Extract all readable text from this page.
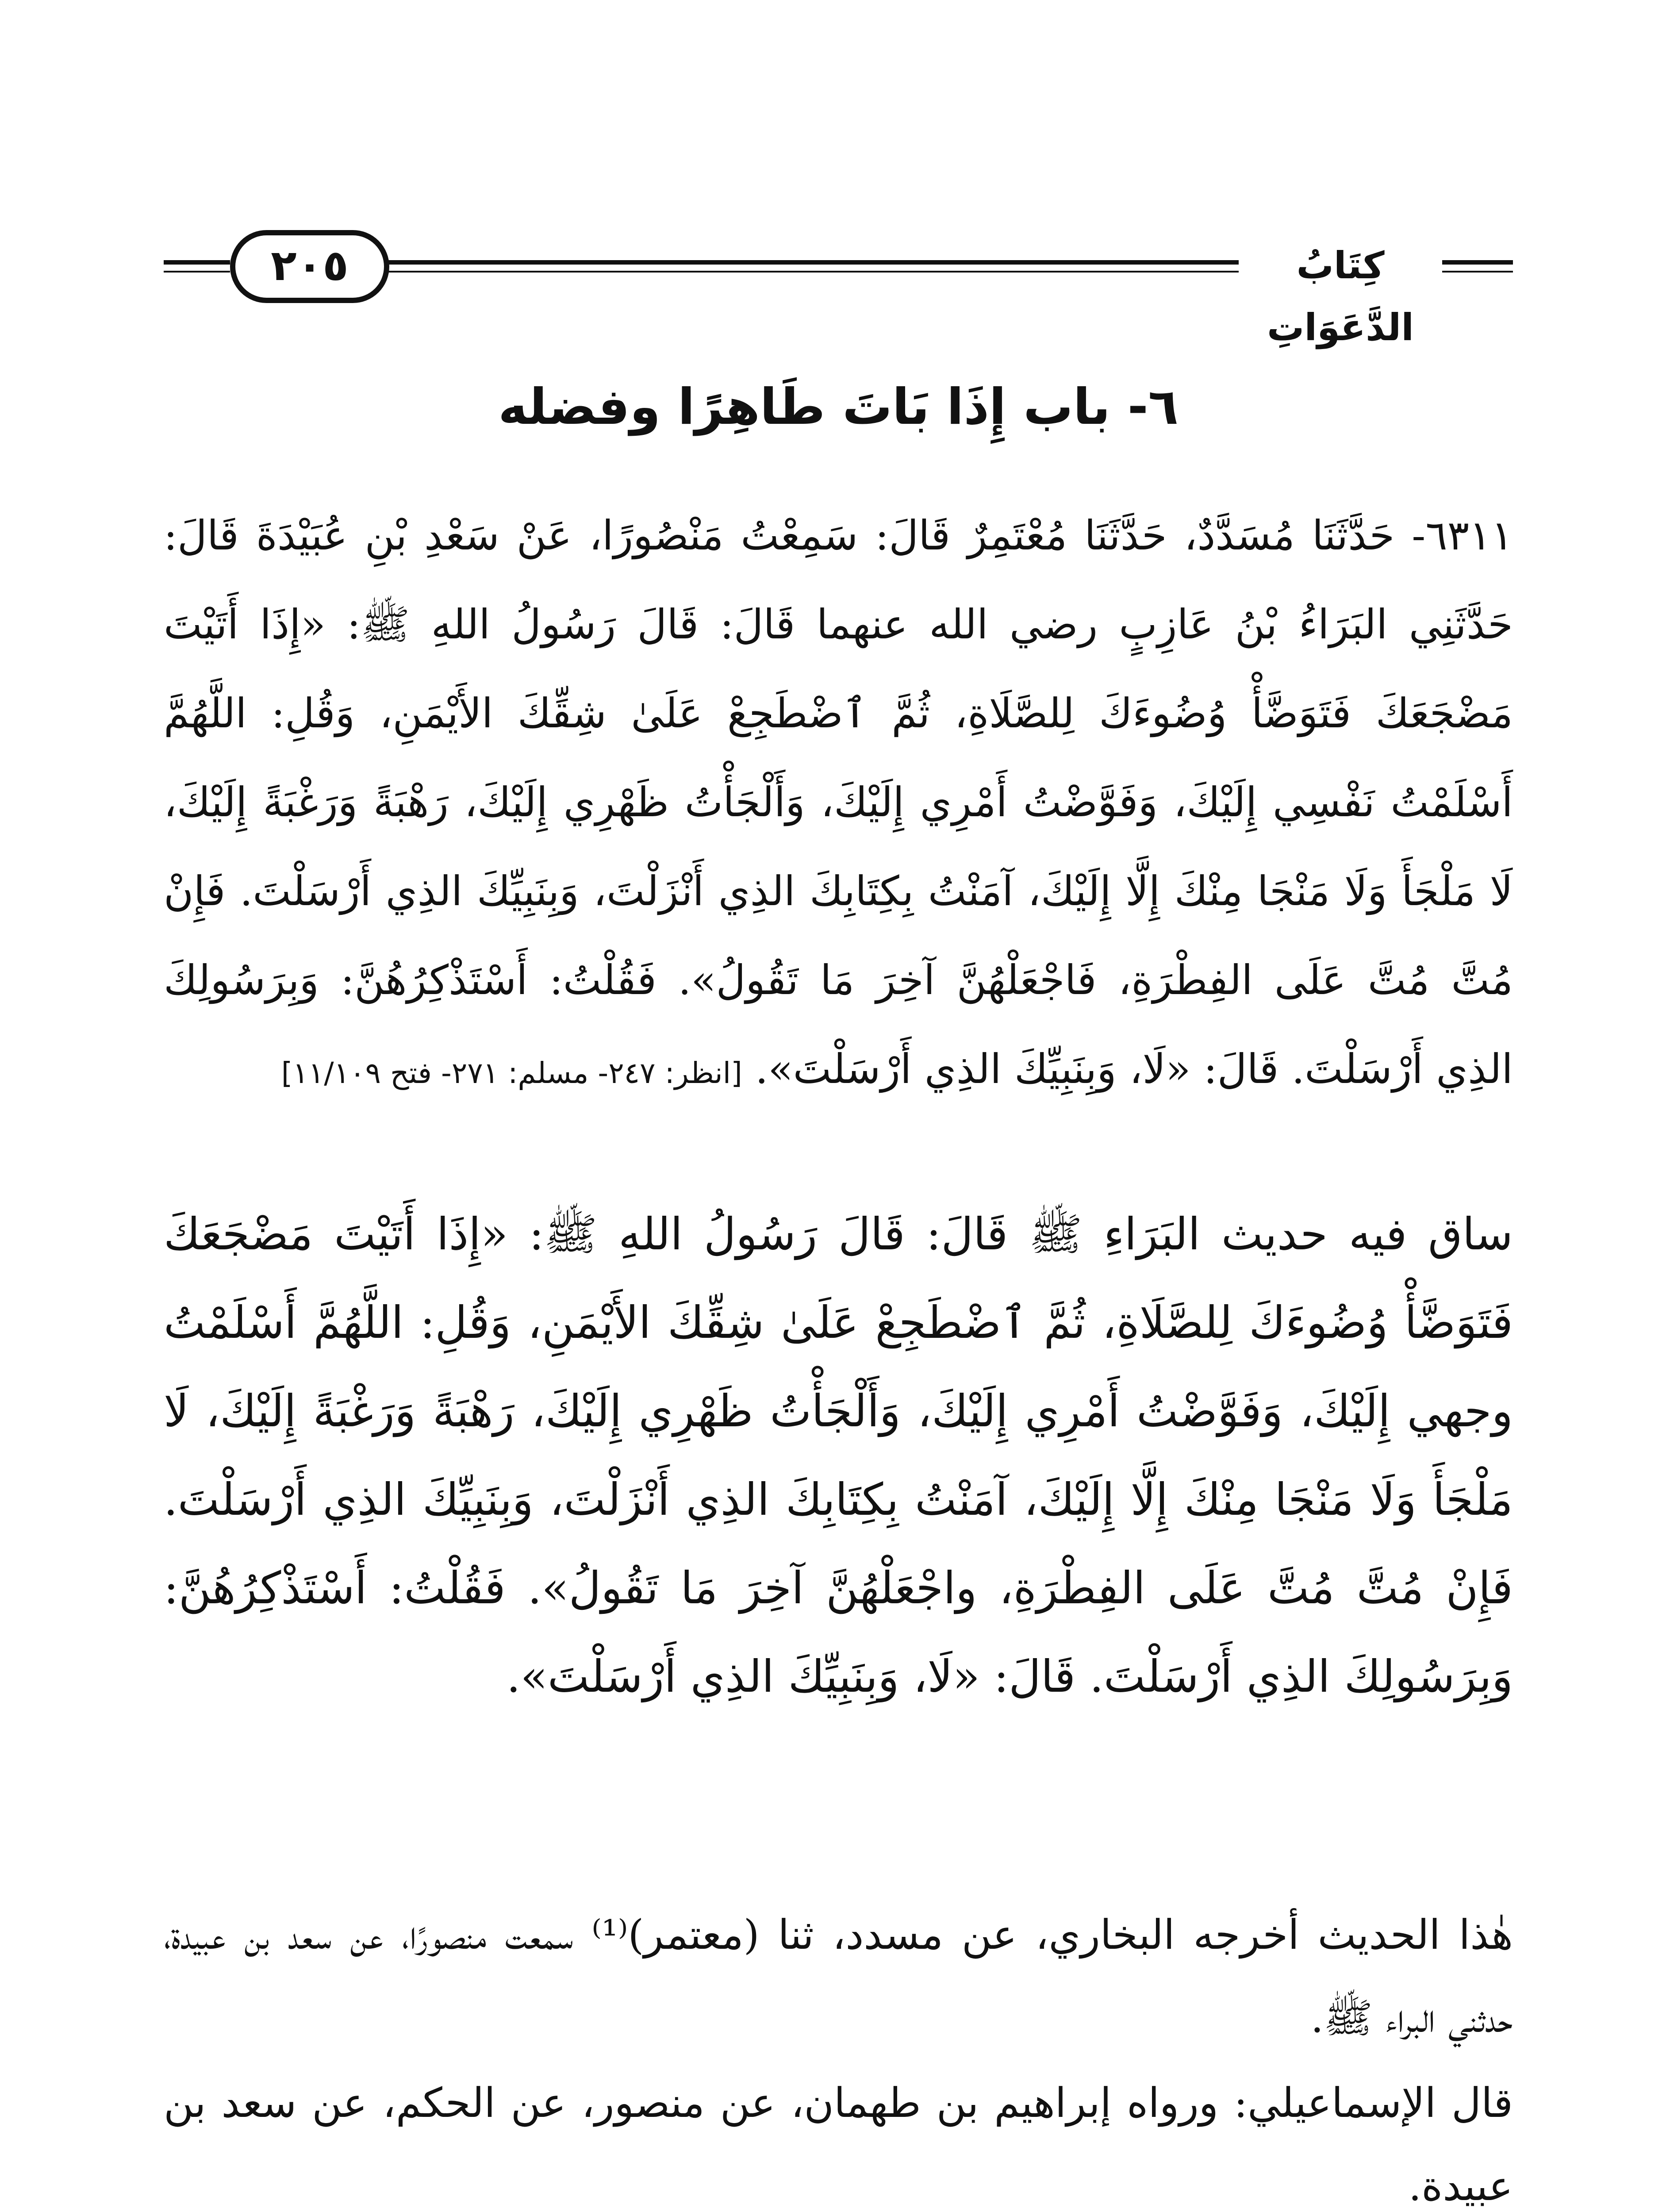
٢٠٥	كِتَابُ الدَّعَوَاتِ
٦- باب إِذَا بَاتَ طَاهِرًا وفضله
٦٣١١- حَدَّثَنَا مُسَدَّدٌ، حَدَّثَنَا مُعْتَمِرٌ قَالَ: سَمِعْتُ مَنْصُورًا، عَنْ سَعْدِ بْنِ عُبَيْدَةَ قَالَ: حَدَّثَنِي البَرَاءُ بْنُ عَازِبٍ رضي الله عنهما قَالَ: قَالَ رَسُولُ اللهِ ﷺ: «إِذَا أَتَيْتَ مَضْجَعَكَ فَتَوَضَّأْ وُضُوءَكَ لِلصَّلَاةِ، ثُمَّ ٱضْطَجِعْ عَلَىٰ شِقِّكَ الأَيْمَنِ، وَقُلِ: اللَّهُمَّ أَسْلَمْتُ نَفْسِي إِلَيْكَ، وَفَوَّضْتُ أَمْرِي إِلَيْكَ، وَأَلْجَأْتُ ظَهْرِي إِلَيْكَ، رَهْبَةً وَرَغْبَةً إِلَيْكَ، لَا مَلْجَأَ وَلَا مَنْجَا مِنْكَ إِلَّا إِلَيْكَ، آمَنْتُ بِكِتَابِكَ الذِي أَنْزَلْتَ، وَبِنَبِيِّكَ الذِي أَرْسَلْتَ. فَإِنْ مُتَّ مُتَّ عَلَى الفِطْرَةِ، فَاجْعَلْهُنَّ آخِرَ مَا تَقُولُ». فَقُلْتُ: أَسْتَذْكِرُهُنَّ: وَبِرَسُولِكَ الذِي أَرْسَلْتَ. قَالَ: «لَا، وَبِنَبِيِّكَ الذِي أَرْسَلْتَ». [انظر: ٢٤٧- مسلم: ٢٧١- فتح ١١/١٠٩]
ساق فيه حديث البَرَاءِ ﷺ قَالَ: قَالَ رَسُولُ اللهِ ﷺ: «إِذَا أَتَيْتَ مَضْجَعَكَ فَتَوَضَّأْ وُضُوءَكَ لِلصَّلَاةِ، ثُمَّ ٱضْطَجِعْ عَلَىٰ شِقِّكَ الأَيْمَنِ، وَقُلِ: اللَّهُمَّ أَسْلَمْتُ وجهي إِلَيْكَ، وَفَوَّضْتُ أَمْرِي إِلَيْكَ، وَأَلْجَأْتُ ظَهْرِي إِلَيْكَ، رَهْبَةً وَرَغْبَةً إِلَيْكَ، لَا مَلْجَأَ وَلَا مَنْجَا مِنْكَ إِلَّا إِلَيْكَ، آمَنْتُ بِكِتَابِكَ الذِي أَنْزَلْتَ، وَبِنَبِيِّكَ الذِي أَرْسَلْتَ. فَإِنْ مُتَّ مُتَّ عَلَى الفِطْرَةِ، واجْعَلْهُنَّ آخِرَ مَا تَقُولُ». فَقُلْتُ: أَسْتَذْكِرُهُنَّ: وَبِرَسُولِكَ الذِي أَرْسَلْتَ. قَالَ: «لَا، وَبِنَبِيِّكَ الذِي أَرْسَلْتَ».
هٰذا الحديث أخرجه البخاري، عن مسدد، ثنا (معتمر)⁽¹⁾ سمعت منصورًا، عن سعد بن عبيدة، حدثني البراء ﷺ.
قال الإسماعيلي: ورواه إبراهيم بن طهمان، عن منصور، عن الحكم، عن سعد بن عبيدة.
